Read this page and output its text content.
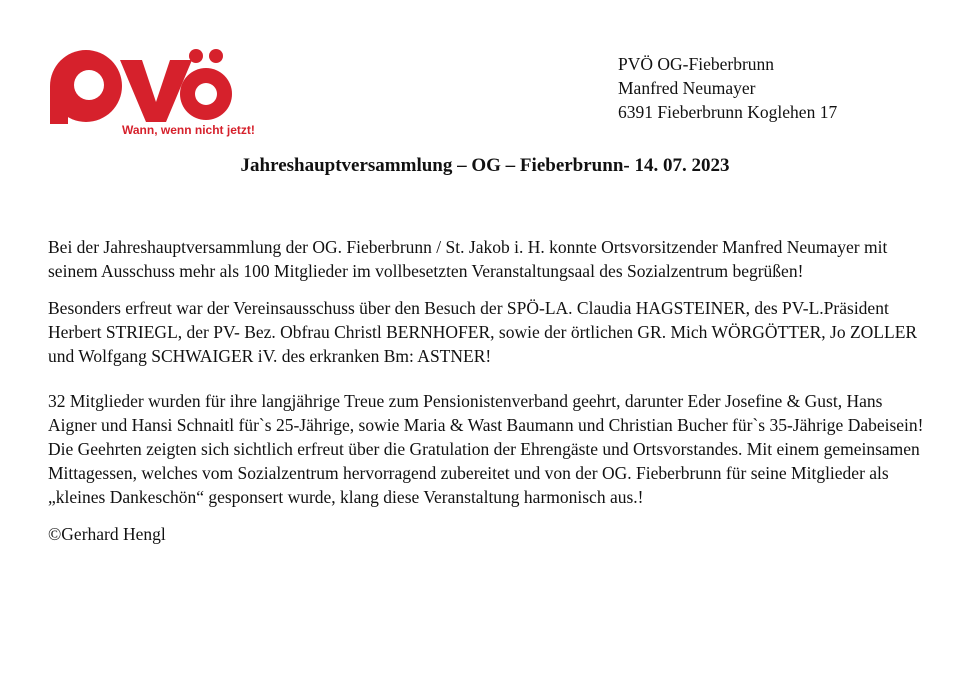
Wann, wenn nicht jetzt!
PVÖ OG-Fieberbrunn
Manfred Neumayer
6391 Fieberbrunn Koglehen 17
Jahreshauptversammlung – OG – Fieberbrunn- 14. 07. 2023

Bei der Jahreshauptversammlung der OG. Fieberbrunn / St. Jakob i. H. konnte Ortsvorsitzender Manfred Neumayer mit seinem Ausschuss mehr als 100 Mitglieder im vollbesetzten Veranstaltungsaal des Sozialzentrum begrüßen!

Besonders erfreut war der Vereinsausschuss über den Besuch der SPÖ-LA. Claudia HAGSTEINER, des PV-L.Präsident Herbert STRIEGL, der PV- Bez. Obfrau Christl BERNHOFER, sowie der örtlichen GR. Mich WÖRGÖTTER, Jo ZOLLER und Wolfgang SCHWAIGER iV. des erkranken Bm: ASTNER!

32 Mitglieder wurden für ihre langjährige Treue zum Pensionistenverband geehrt, darunter Eder Josefine & Gust, Hans Aigner und Hansi Schnaitl für`s 25-Jährige, sowie Maria & Wast Baumann und Christian Bucher für`s 35-Jährige Dabeisein! Die Geehrten zeigten sich sichtlich erfreut über die Gratulation der Ehrengäste und Ortsvorstandes. Mit einem gemeinsamen Mittagessen, welches vom Sozialzentrum hervorragend zubereitet und von der OG. Fieberbrunn für seine Mitglieder als „kleines Dankeschön“ gesponsert wurde, klang diese Veranstaltung harmonisch aus.!

©Gerhard Hengl
